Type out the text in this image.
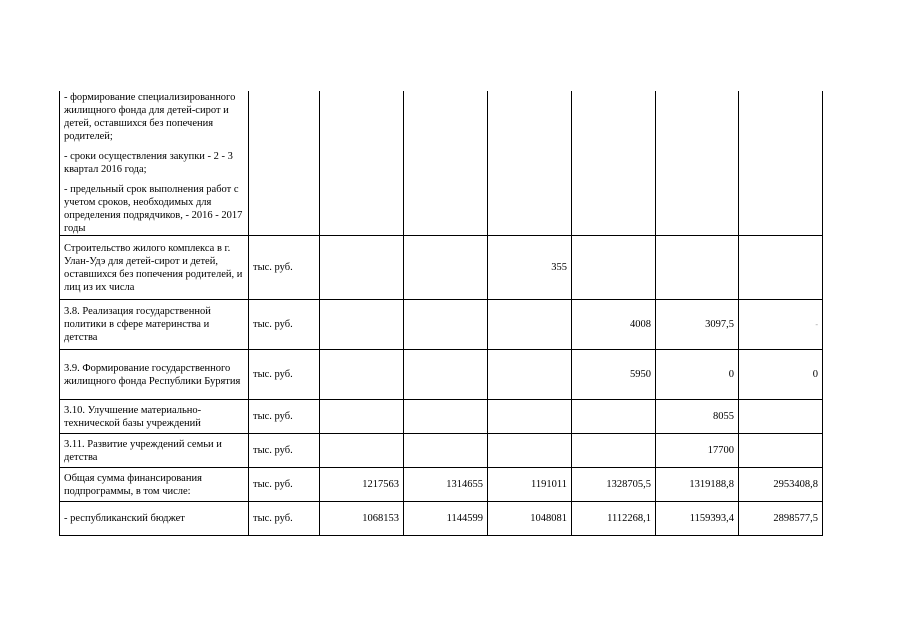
- формирование специализированного жилищного фонда для детей-сирот и детей, оставшихся без попечения родителей;
- сроки осуществления закупки - 2 - 3 квартал 2016 года;
- предельный срок выполнения работ с учетом сроков, необходимых для определения подрядчиков, - 2016 - 2017 годы							

Строительство жилого комплекса в г. Улан-Удэ для детей-сирот и детей, оставшихся без попечения родителей, и лиц из их числа	тыс. руб.			355			
3.8. Реализация государственной политики в сфере материнства и детства	тыс. руб.				4008	3097,5	-
3.9. Формирование государственного жилищного фонда Республики Бурятия	тыс. руб.				5950	0	0
3.10. Улучшение материально-технической базы учреждений	тыс. руб.					8055	
3.11. Развитие учреждений семьи и детства	тыс. руб.					17700	
Общая сумма финансирования подпрограммы, в том числе:	тыс. руб.	1217563	1314655	1191011	1328705,5	1319188,8	2953408,8
- республиканский бюджет	тыс. руб.	1068153	1144599	1048081	1112268,1	1159393,4	2898577,5
